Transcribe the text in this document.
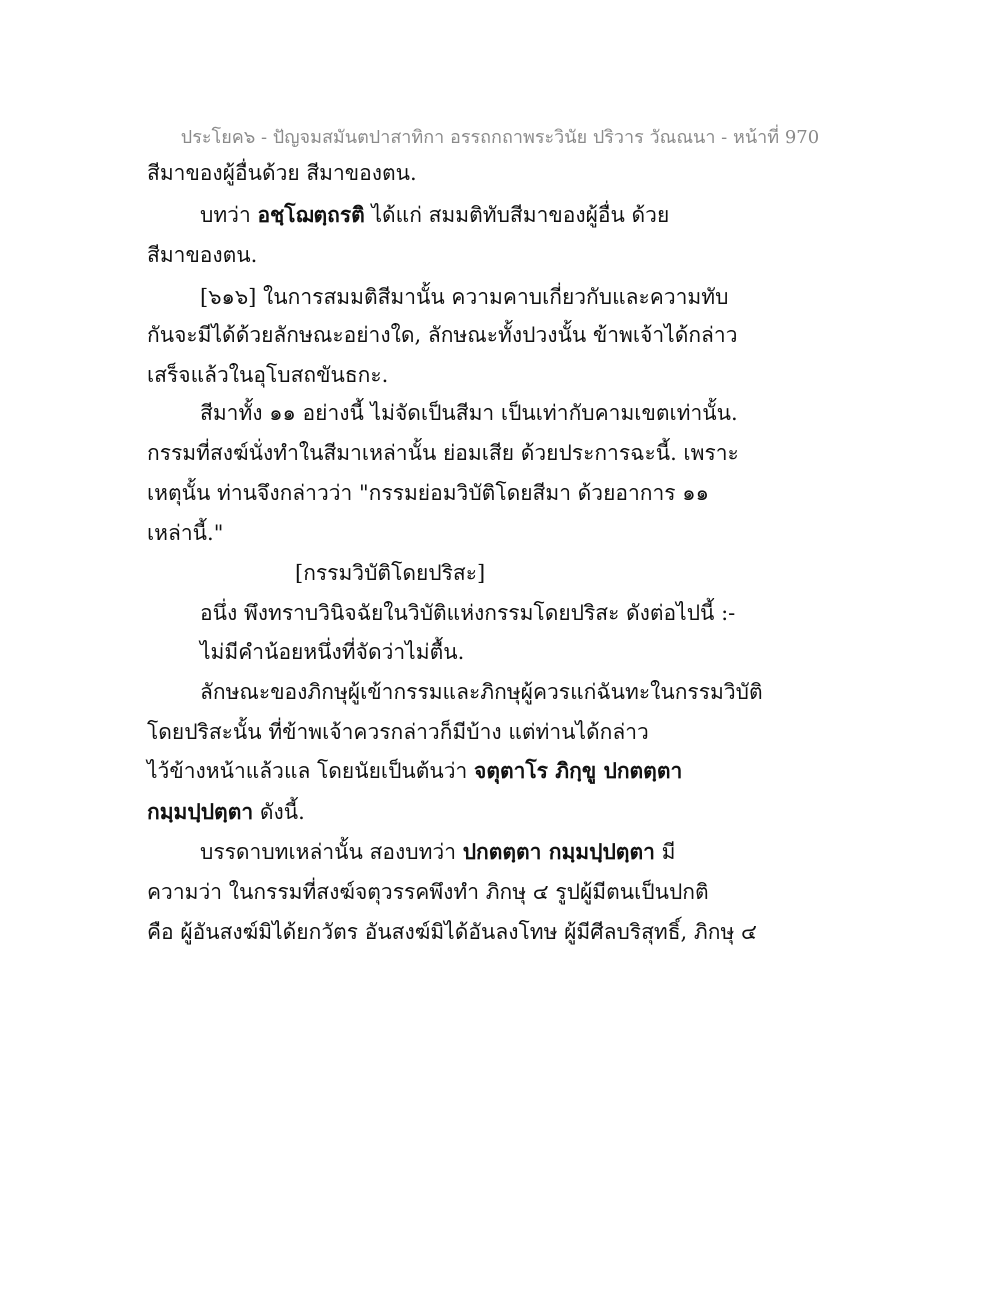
ประโยค๖ - ปัญจมสมันตปาสาทิกา อรรถกถาพระวินัย ปริวาร วัณณนา - หน้าที่ 970
สีมาของผู้อื่นด้วย สีมาของตน.
บทว่า อชฺโฌตฺถรติ ได้แก่ สมมติทับสีมาของผู้อื่น ด้วย
สีมาของตน.
[๖๑๖] ในการสมมติสีมานั้น ความคาบเกี่ยวกับและความทับ
กันจะมีได้ด้วยลักษณะอย่างใด, ลักษณะทั้งปวงนั้น ข้าพเจ้าได้กล่าว
เสร็จแล้วในอุโบสถขันธกะ.
สีมาทั้ง ๑๑ อย่างนี้ ไม่จัดเป็นสีมา เป็นเท่ากับคามเขตเท่านั้น.
กรรมที่สงฆ์นั่งทำในสีมาเหล่านั้น ย่อมเสีย ด้วยประการฉะนี้. เพราะ
เหตุนั้น ท่านจึงกล่าวว่า "กรรมย่อมวิบัติโดยสีมา ด้วยอาการ ๑๑
เหล่านี้."
[กรรมวิบัติโดยปริสะ]
อนึ่ง พึงทราบวินิจฉัยในวิบัติแห่งกรรมโดยปริสะ ดังต่อไปนี้ :-
ไม่มีคำน้อยหนึ่งที่จัดว่าไม่ตื้น.
ลักษณะของภิกษุผู้เข้ากรรมและภิกษุผู้ควรแก่ฉันทะในกรรมวิบัติ
โดยปริสะนั้น ที่ข้าพเจ้าควรกล่าวก็มีบ้าง แต่ท่านได้กล่าว
ไว้ข้างหน้าแล้วแล โดยนัยเป็นต้นว่า จตุตาโร ภิกฺขู ปกตตฺตา
กมฺมปฺปตฺตา ดังนี้.
บรรดาบทเหล่านั้น สองบทว่า ปกตตฺตา กมฺมปฺปตฺตา มี
ความว่า ในกรรมที่สงฆ์จตุวรรคพึงทำ ภิกษุ ๔ รูปผู้มีตนเป็นปกติ
คือ ผู้อันสงฆ์มิได้ยกวัตร อันสงฆ์มิได้อันลงโทษ ผู้มีศีลบริสุทธิ์, ภิกษุ ๔
